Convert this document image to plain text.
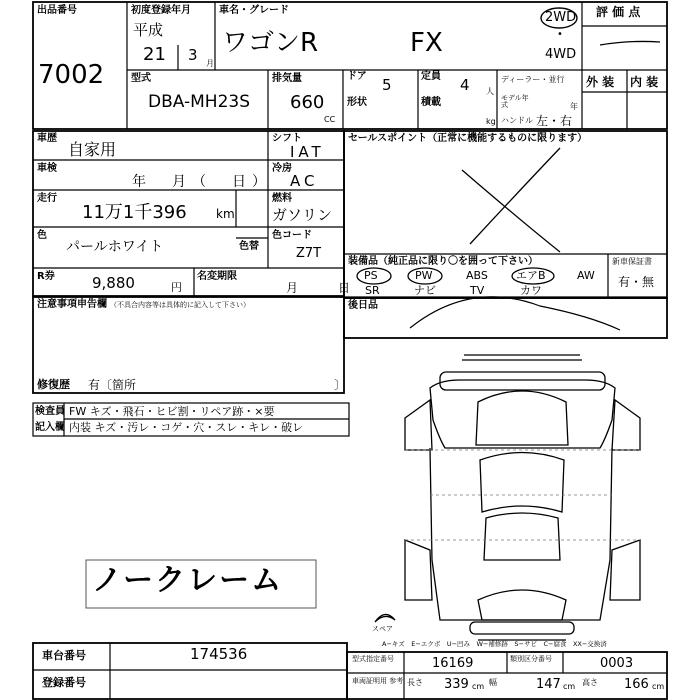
出品番号
7002
初度登録年月
平成
21 3 月
車名・グレード
ワゴンR	FX
2WD
•
4WD
評 価 点
型式
DBA-MH23S
排気量
660
CC
ドア 5
形状
定員 4 人
積載
kg
ディーラー・並行
モデル年式	年
ハンドル 左・右
外 装 内 装
車歴
自家用
車検
年　月（　日）
走行
11万1千396 km
色
パールホワイト	色替
R券 9,880	円
名変期限
月　日
シフト
IAT
冷房
AC
燃料
ガソリン
色コード
Z7T
注意事項申告欄 （不具合内容等は具体的に記入して下さい）
修復歴 有〔箇所	〕
検査員
記入欄
FW キズ・飛石・ヒビ割・リペア跡・×要
内装 キズ・汚レ・コゲ・穴・スレ・キレ・破レ
ノークレーム
スペア
セールスポイント（正常に機能するものに限ります）
装備品（純正品に限り〇を囲って下さい）
PS	PW	ABS	エアB	AW
SR	ナビ	TV	カワ
新車保証書
有・無
後日品
A−キズ　E−エクボ　U−凹み　W−補修跡　S−サビ　C−腐食　XX−交換済
車台番号	174536
登録番号
型式指定番号	16169	類別区分番号	0003
車両証明用 参考 長さ 339 cm 幅	147 cm 高さ 166 cm
